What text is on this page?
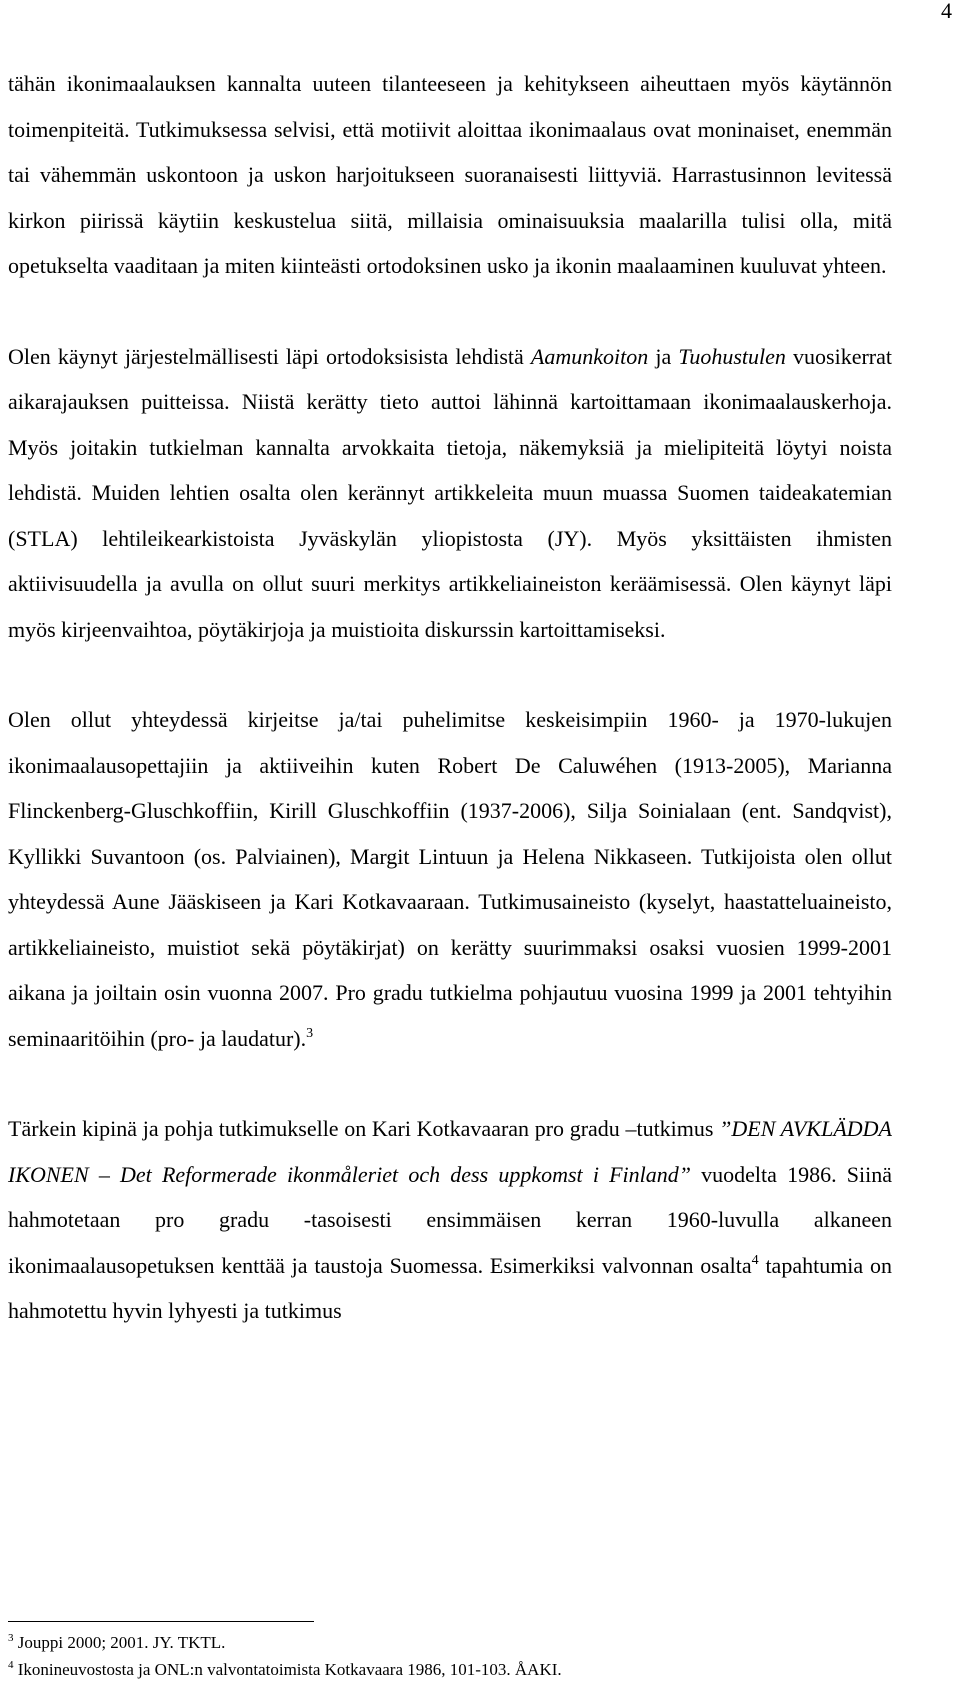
4

tähän ikonimaalauksen kannalta uuteen tilanteeseen ja kehitykseen aiheuttaen myös käytännön toimenpiteitä. Tutkimuksessa selvisi, että motiivit aloittaa ikonimaalaus ovat moninaiset, enemmän tai vähemmän uskontoon ja uskon harjoitukseen suoranaisesti liittyviä. Harrastusinnon levitessä kirkon piirissä käytiin keskustelua siitä, millaisia ominaisuuksia maalarilla tulisi olla, mitä opetukselta vaaditaan ja miten kiinteästi ortodoksinen usko ja ikonin maalaaminen kuuluvat yhteen.

Olen käynyt järjestelmällisesti läpi ortodoksisista lehdistä Aamunkoiton ja Tuohustulen vuosikerrat aikarajauksen puitteissa. Niistä kerätty tieto auttoi lähinnä kartoittamaan ikonimaalauskerhoja. Myös joitakin tutkielman kannalta arvokkaita tietoja, näkemyksiä ja mielipiteitä löytyi noista lehdistä. Muiden lehtien osalta olen kerännyt artikkeleita muun muassa Suomen taideakatemian (STLA) lehtileikearkistoista Jyväskylän yliopistosta (JY). Myös yksittäisten ihmisten aktiivisuudella ja avulla on ollut suuri merkitys artikkeliaineiston keräämisessä. Olen käynyt läpi myös kirjeenvaihtoa, pöytäkirjoja ja muistioita diskurssin kartoittamiseksi.

Olen ollut yhteydessä kirjeitse ja/tai puhelimitse keskeisimpiin 1960- ja 1970-lukujen ikonimaalausopettajiin ja aktiiveihin kuten Robert De Caluwéhen (1913-2005), Marianna Flinckenberg-Gluschkoffiin, Kirill Gluschkoffiin (1937-2006), Silja Soinialaan (ent. Sandqvist), Kyllikki Suvantoon (os. Palviainen), Margit Lintuun ja Helena Nikkaseen. Tutkijoista olen ollut yhteydessä Aune Jääskiseen ja Kari Kotkavaaraan. Tutkimusaineisto (kyselyt, haastatteluaineisto, artikkeliaineisto, muistiot sekä pöytäkirjat) on kerätty suurimmaksi osaksi vuosien 1999-2001 aikana ja joiltain osin vuonna 2007. Pro gradu tutkielma pohjautuu vuosina 1999 ja 2001 tehtyihin seminaaritöihin (pro- ja laudatur).$^3$

Tärkein kipinä ja pohja tutkimukselle on Kari Kotkavaaran pro gradu –tutkimus ”DEN AVKLÄDDA IKONEN – Det Reformerade ikonmåleriet och dess uppkomst i Finland” vuodelta 1986. Siinä hahmotetaan pro gradu -tasoisesti ensimmäisen kerran 1960-luvulla alkaneen ikonimaalausopetuksen kenttää ja taustoja Suomessa. Esimerkiksi valvonnan osalta$^4$ tapahtumia on hahmotettu hyvin lyhyesti ja tutkimus

$^3$ Jouppi 2000; 2001. JY. TKTL.

$^4$ Ikonineuvostosta ja ONL:n valvontatoimista Kotkavaara 1986, 101-103. ÅAKI.
